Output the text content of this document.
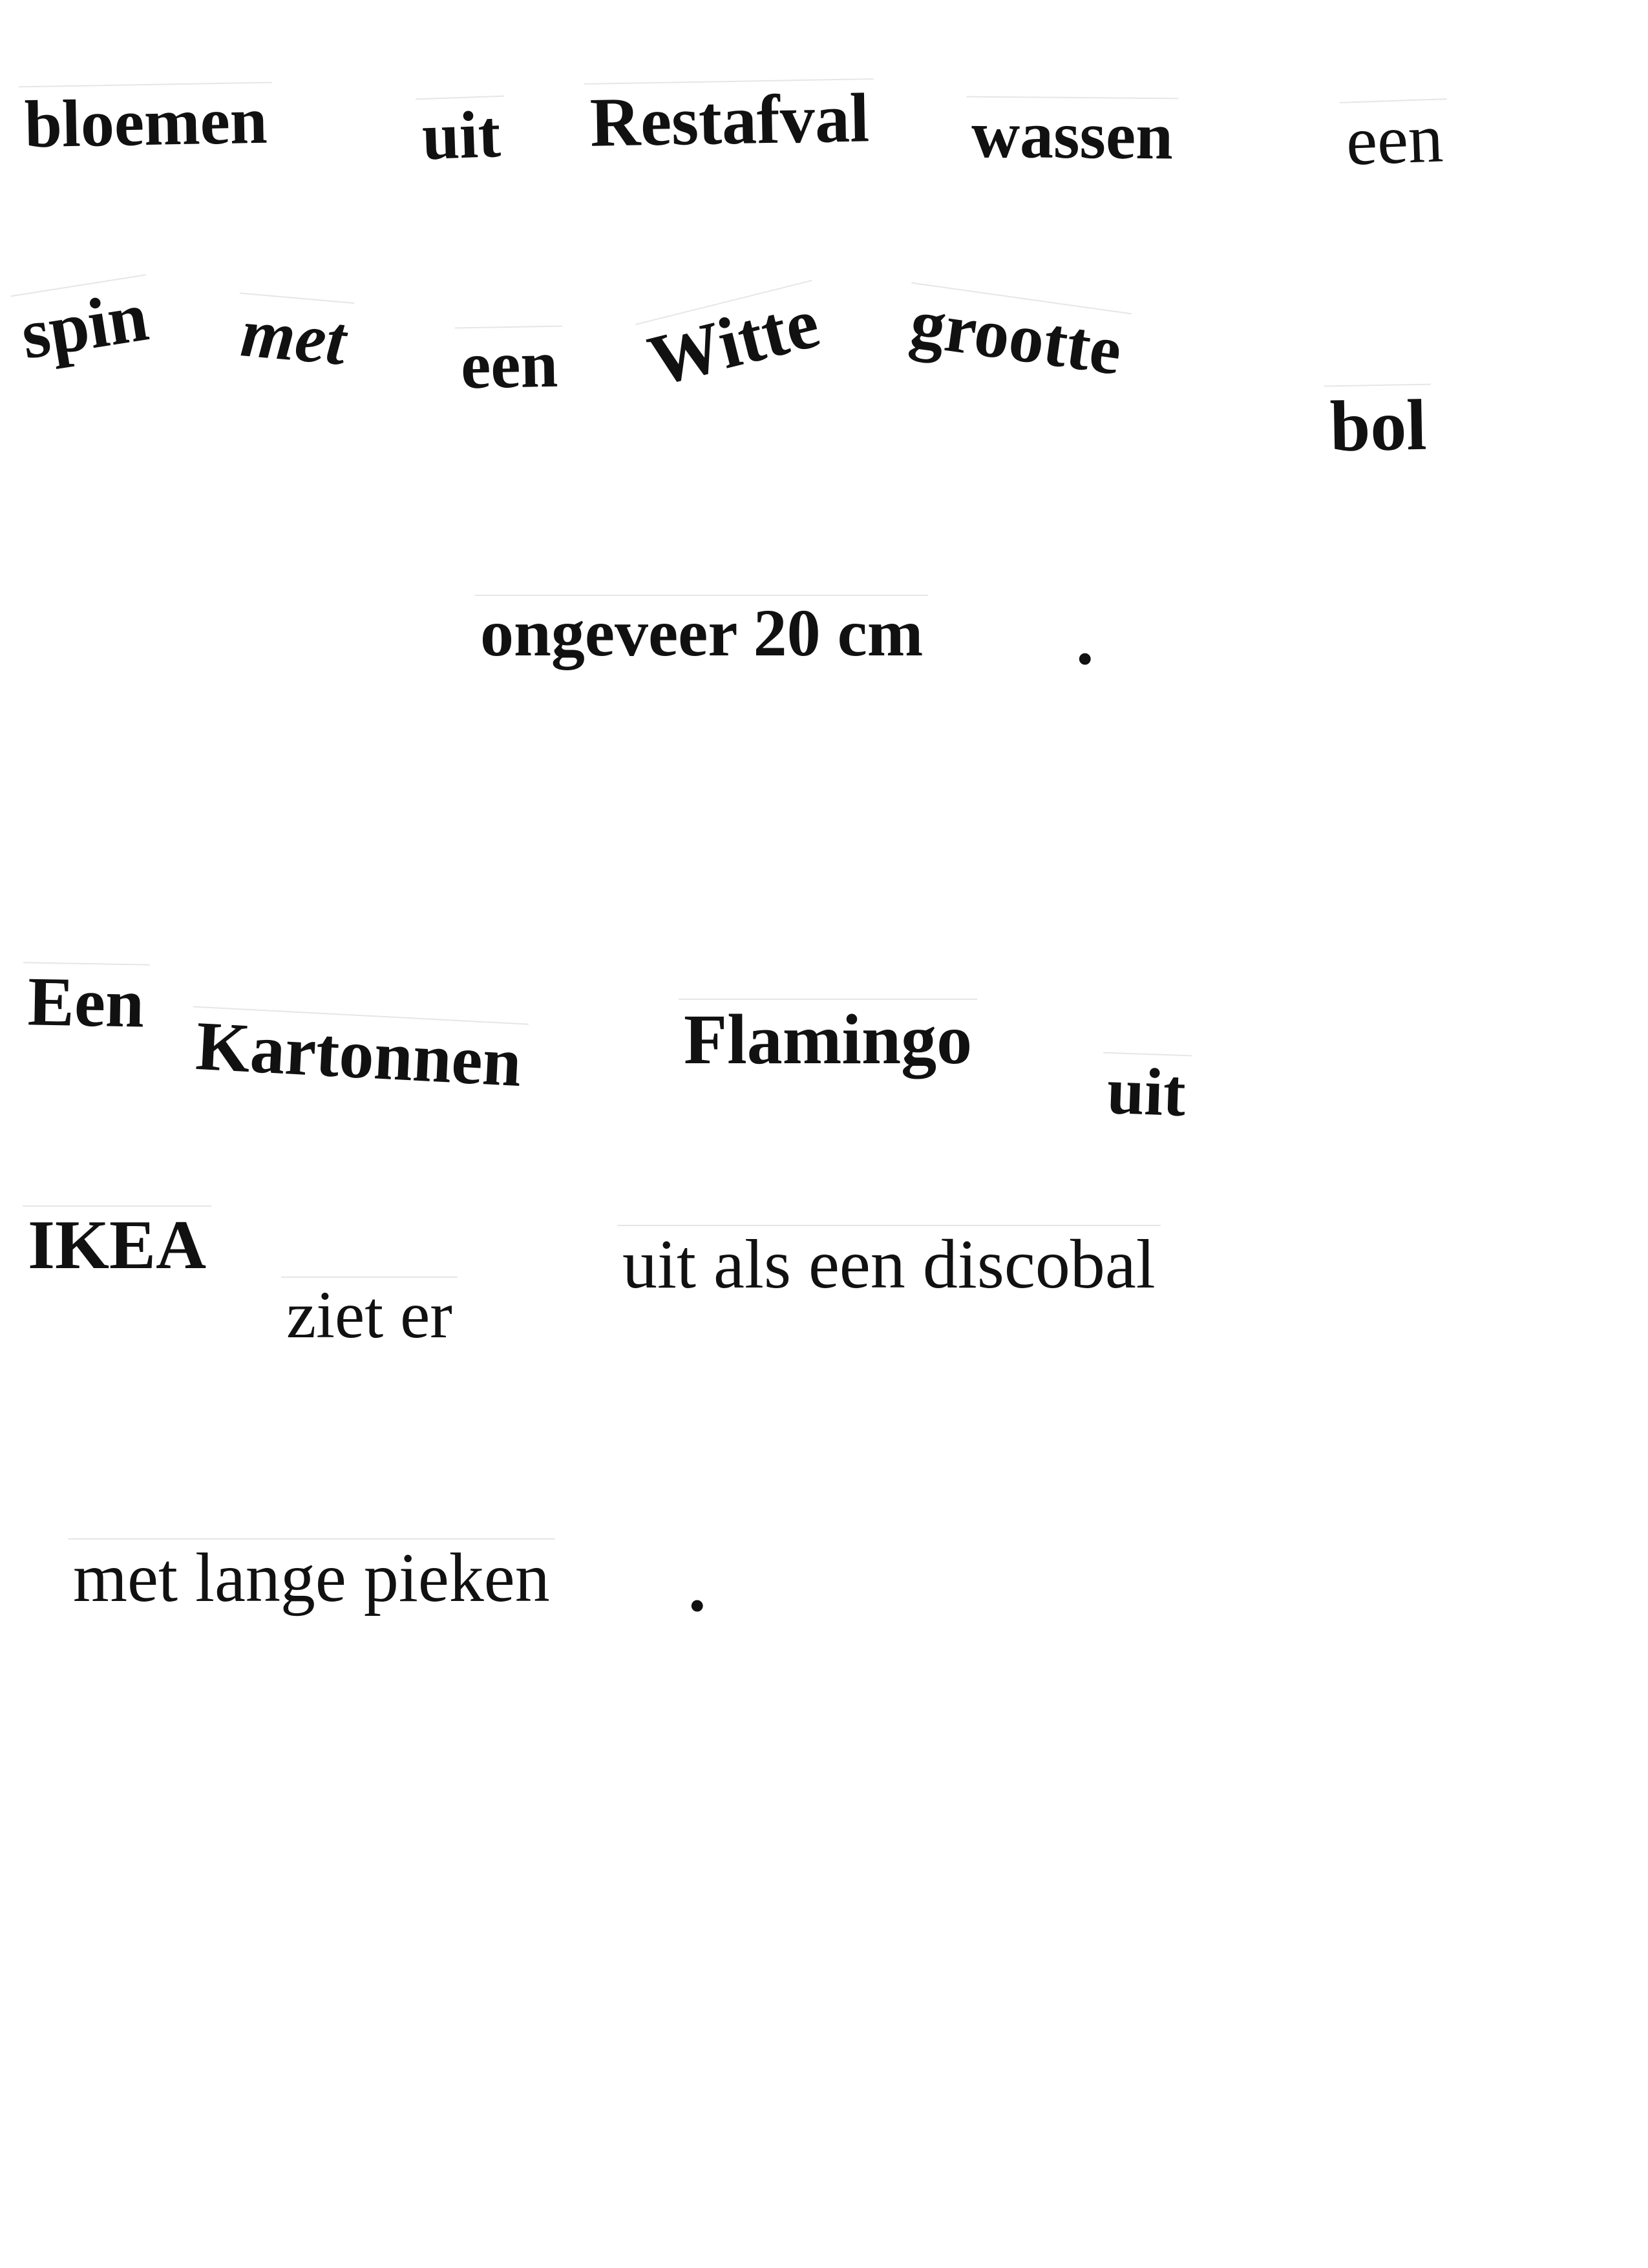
bloemen uit Restafval wassen een
spin met een Witte grootte
bol
ongeveer 20 cm .
Een
Kartonnen Flamingo
uit
IKEA
ziet er
uit als een discobal
met lange pieken .
